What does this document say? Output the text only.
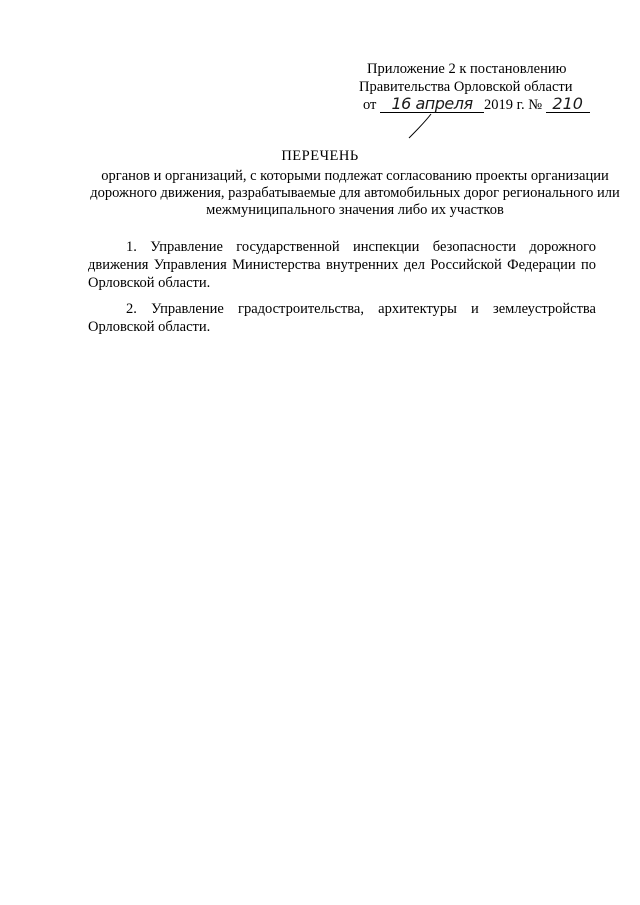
Приложение 2 к постановлению
Правительства Орловской области
от 16 апреля 2019 г. № 210
ПЕРЕЧЕНЬ
органов и организаций, с которыми подлежат согласованию проекты организации дорожного движения, разрабатываемые для автомобильных дорог регионального или межмуниципального значения либо их участков

1. Управление государственной инспекции безопасности дорожного движения Управления Министерства внутренних дел Российской Федерации по Орловской области.

2. Управление градостроительства, архитектуры и землеустройства Орловской области.
